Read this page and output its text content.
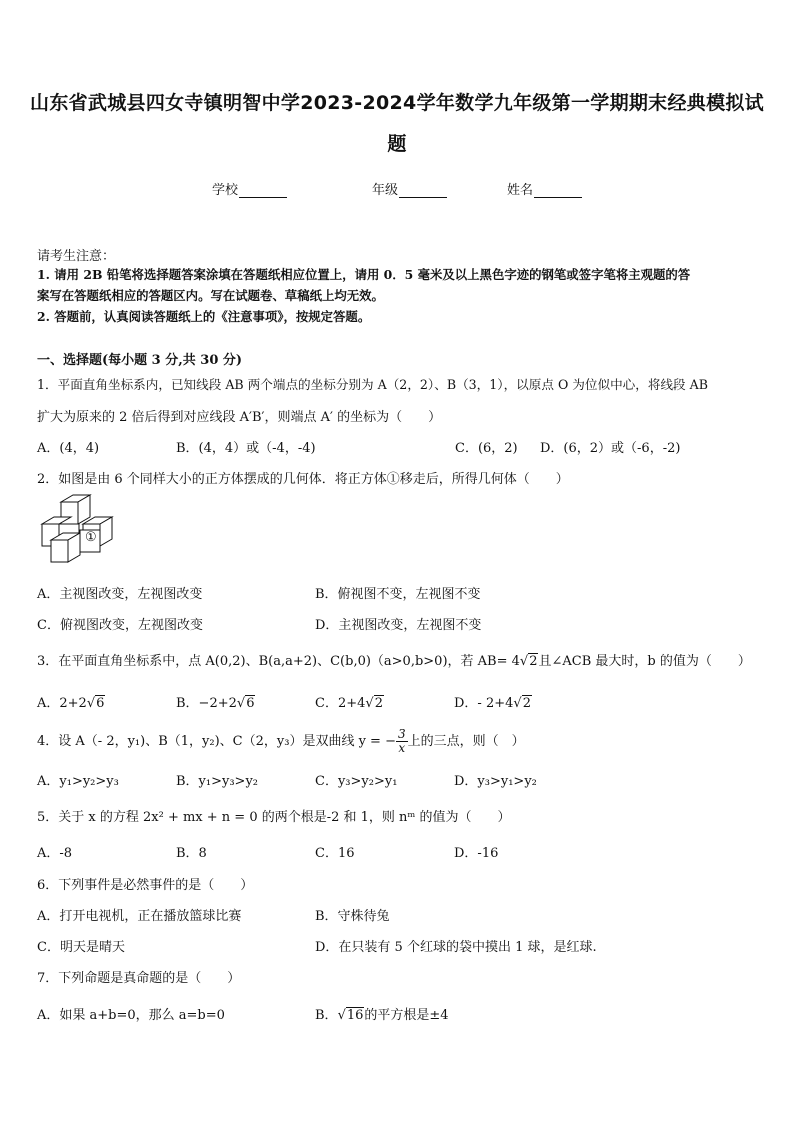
山东省武城县四女寺镇明智中学2023-2024学年数学九年级第一学期期末经典模拟试
题
学校	年级	姓名
请考生注意：
1. 请用 2B 铅笔将选择题答案涂填在答题纸相应位置上，请用 0．5 毫米及以上黑色字迹的钢笔或签字笔将主观题的答
案写在答题纸相应的答题区内。写在试题卷、草稿纸上均无效。
2. 答题前，认真阅读答题纸上的《注意事项》，按规定答题。
一、选择题(每小题 3 分,共 30 分)
1．平面直角坐标系内，已知线段 AB 两个端点的坐标分别为 A（2，2）、B（3，1），以原点 O 为位似中心，将线段 AB
扩大为原来的 2 倍后得到对应线段 A′B′，则端点 A′ 的坐标为（　　）
A．(4，4)	B．(4，4）或（-4，-4)	C．(6，2) D．(6，2）或（-6，-2)
2．如图是由 6 个同样大小的正方体摆成的几何体．将正方体①移走后，所得几何体（　　）
①
A．主视图改变，左视图改变	B．俯视图不变，左视图不变
C．俯视图改变，左视图改变	D．主视图改变，左视图不变
3．在平面直角坐标系中，点 A(0,2)、B(a,a+2)、C(b,0)（a>0,b>0)，若 AB= 4√2且∠ACB 最大时，b 的值为（　　）
A．2+2√6	B．−2+2√6	C．2+4√2	D．- 2+4√2
4．设 A（- 2，y₁)、B（1，y₂)、C（2，y₃）是双曲线 y = − $\frac{3}{x}$ 上的三点，则（　）
A．y₁>y₂>y₃	B．y₁>y₃>y₂	C．y₃>y₂>y₁	D．y₃>y₁>y₂
5．关于 x 的方程 2x² + mx + n = 0 的两个根是-2 和 1，则 nᵐ 的值为（　　）
A．-8	B．8	C．16	D．-16
6．下列事件是必然事件的是（　　）
A．打开电视机，正在播放篮球比赛	B．守株待兔
C．明天是晴天	D．在只装有 5 个红球的袋中摸出 1 球，是红球.
7．下列命题是真命题的是（　　）
A．如果 a+b=0，那么 a=b=0	B．√16的平方根是±4
